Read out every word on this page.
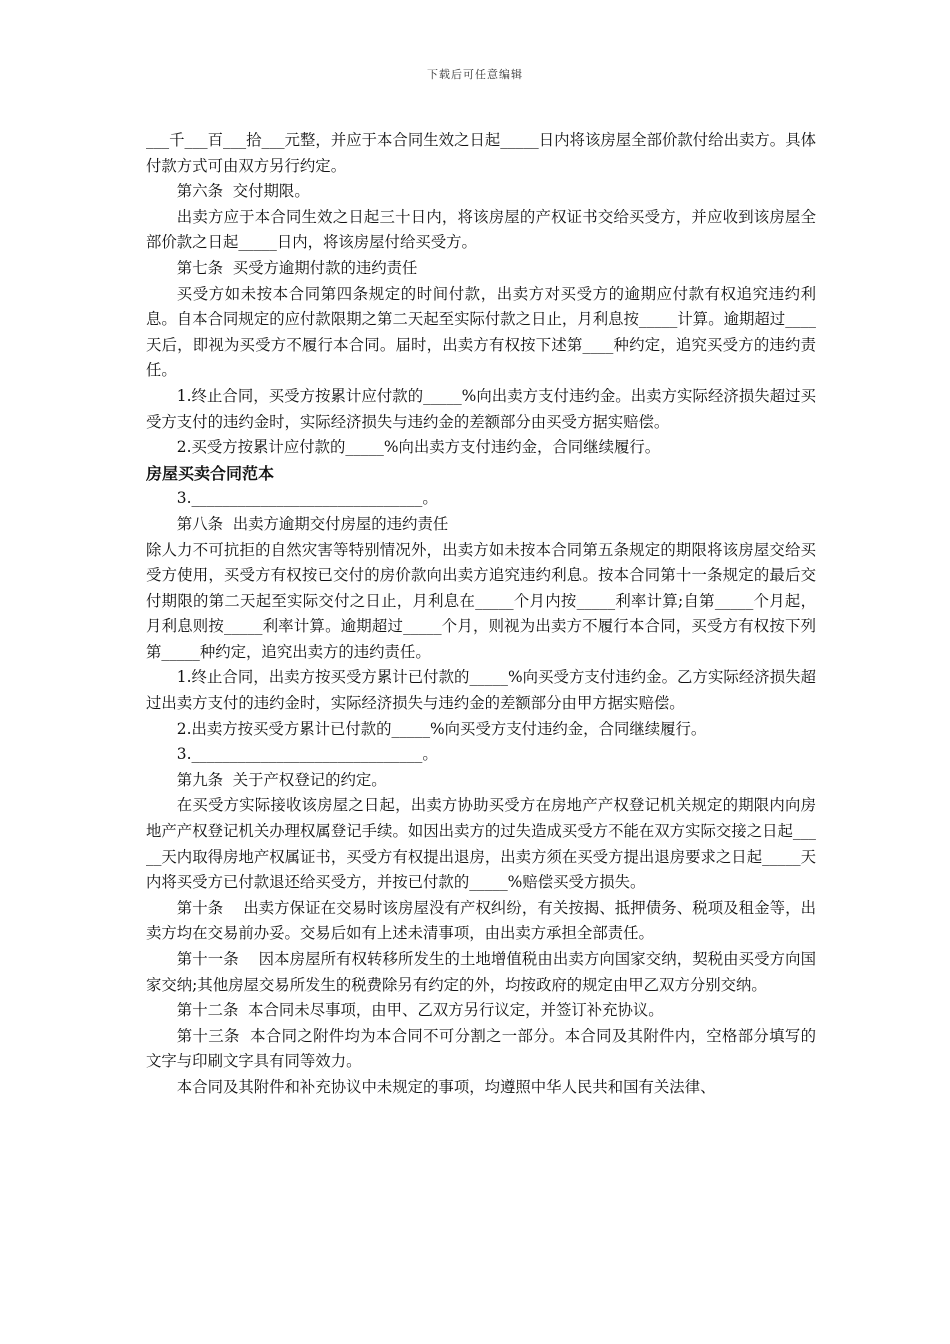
下载后可任意编辑

___千___百___拾___元整，并应于本合同生效之日起_____日内将该房屋全部价款付给出卖方。具体付款方式可由双方另行约定。

第六条  交付期限。

出卖方应于本合同生效之日起三十日内，将该房屋的产权证书交给买受方，并应收到该房屋全部价款之日起_____日内，将该房屋付给买受方。

第七条  买受方逾期付款的违约责任

买受方如未按本合同第四条规定的时间付款，出卖方对买受方的逾期应付款有权追究违约利息。自本合同规定的应付款限期之第二天起至实际付款之日止，月利息按_____计算。逾期超过____天后，即视为买受方不履行本合同。届时，出卖方有权按下述第____种约定，追究买受方的违约责任。

1.终止合同，买受方按累计应付款的_____%向出卖方支付违约金。出卖方实际经济损失超过买受方支付的违约金时，实际经济损失与违约金的差额部分由买受方据实赔偿。

2.买受方按累计应付款的_____%向出卖方支付违约金，合同继续履行。

房屋买卖合同范本

3.______________________________。

第八条  出卖方逾期交付房屋的违约责任

除人力不可抗拒的自然灾害等特别情况外，出卖方如未按本合同第五条规定的期限将该房屋交给买受方使用，买受方有权按已交付的房价款向出卖方追究违约利息。按本合同第十一条规定的最后交付期限的第二天起至实际交付之日止，月利息在_____个月内按_____利率计算;自第_____个月起，月利息则按_____利率计算。逾期超过_____个月，则视为出卖方不履行本合同，买受方有权按下列第_____种约定，追究出卖方的违约责任。

1.终止合同，出卖方按买受方累计已付款的_____%向买受方支付违约金。乙方实际经济损失超过出卖方支付的违约金时，实际经济损失与违约金的差额部分由甲方据实赔偿。

2.出卖方按买受方累计已付款的_____%向买受方支付违约金，合同继续履行。

3.______________________________。

第九条  关于产权登记的约定。

在买受方实际接收该房屋之日起，出卖方协助买受方在房地产产权登记机关规定的期限内向房地产产权登记机关办理权属登记手续。如因出卖方的过失造成买受方不能在双方实际交接之日起_____天内取得房地产权属证书，买受方有权提出退房，出卖方须在买受方提出退房要求之日起_____天内将买受方已付款退还给买受方，并按已付款的_____%赔偿买受方损失。

第十条    出卖方保证在交易时该房屋没有产权纠纷，有关按揭、抵押债务、税项及租金等，出卖方均在交易前办妥。交易后如有上述未清事项，由出卖方承担全部责任。

第十一条    因本房屋所有权转移所发生的土地增值税由出卖方向国家交纳，契税由买受方向国家交纳;其他房屋交易所发生的税费除另有约定的外，均按政府的规定由甲乙双方分别交纳。

第十二条  本合同未尽事项，由甲、乙双方另行议定，并签订补充协议。

第十三条  本合同之附件均为本合同不可分割之一部分。本合同及其附件内，空格部分填写的文字与印刷文字具有同等效力。

本合同及其附件和补充协议中未规定的事项，均遵照中华人民共和国有关法律、
